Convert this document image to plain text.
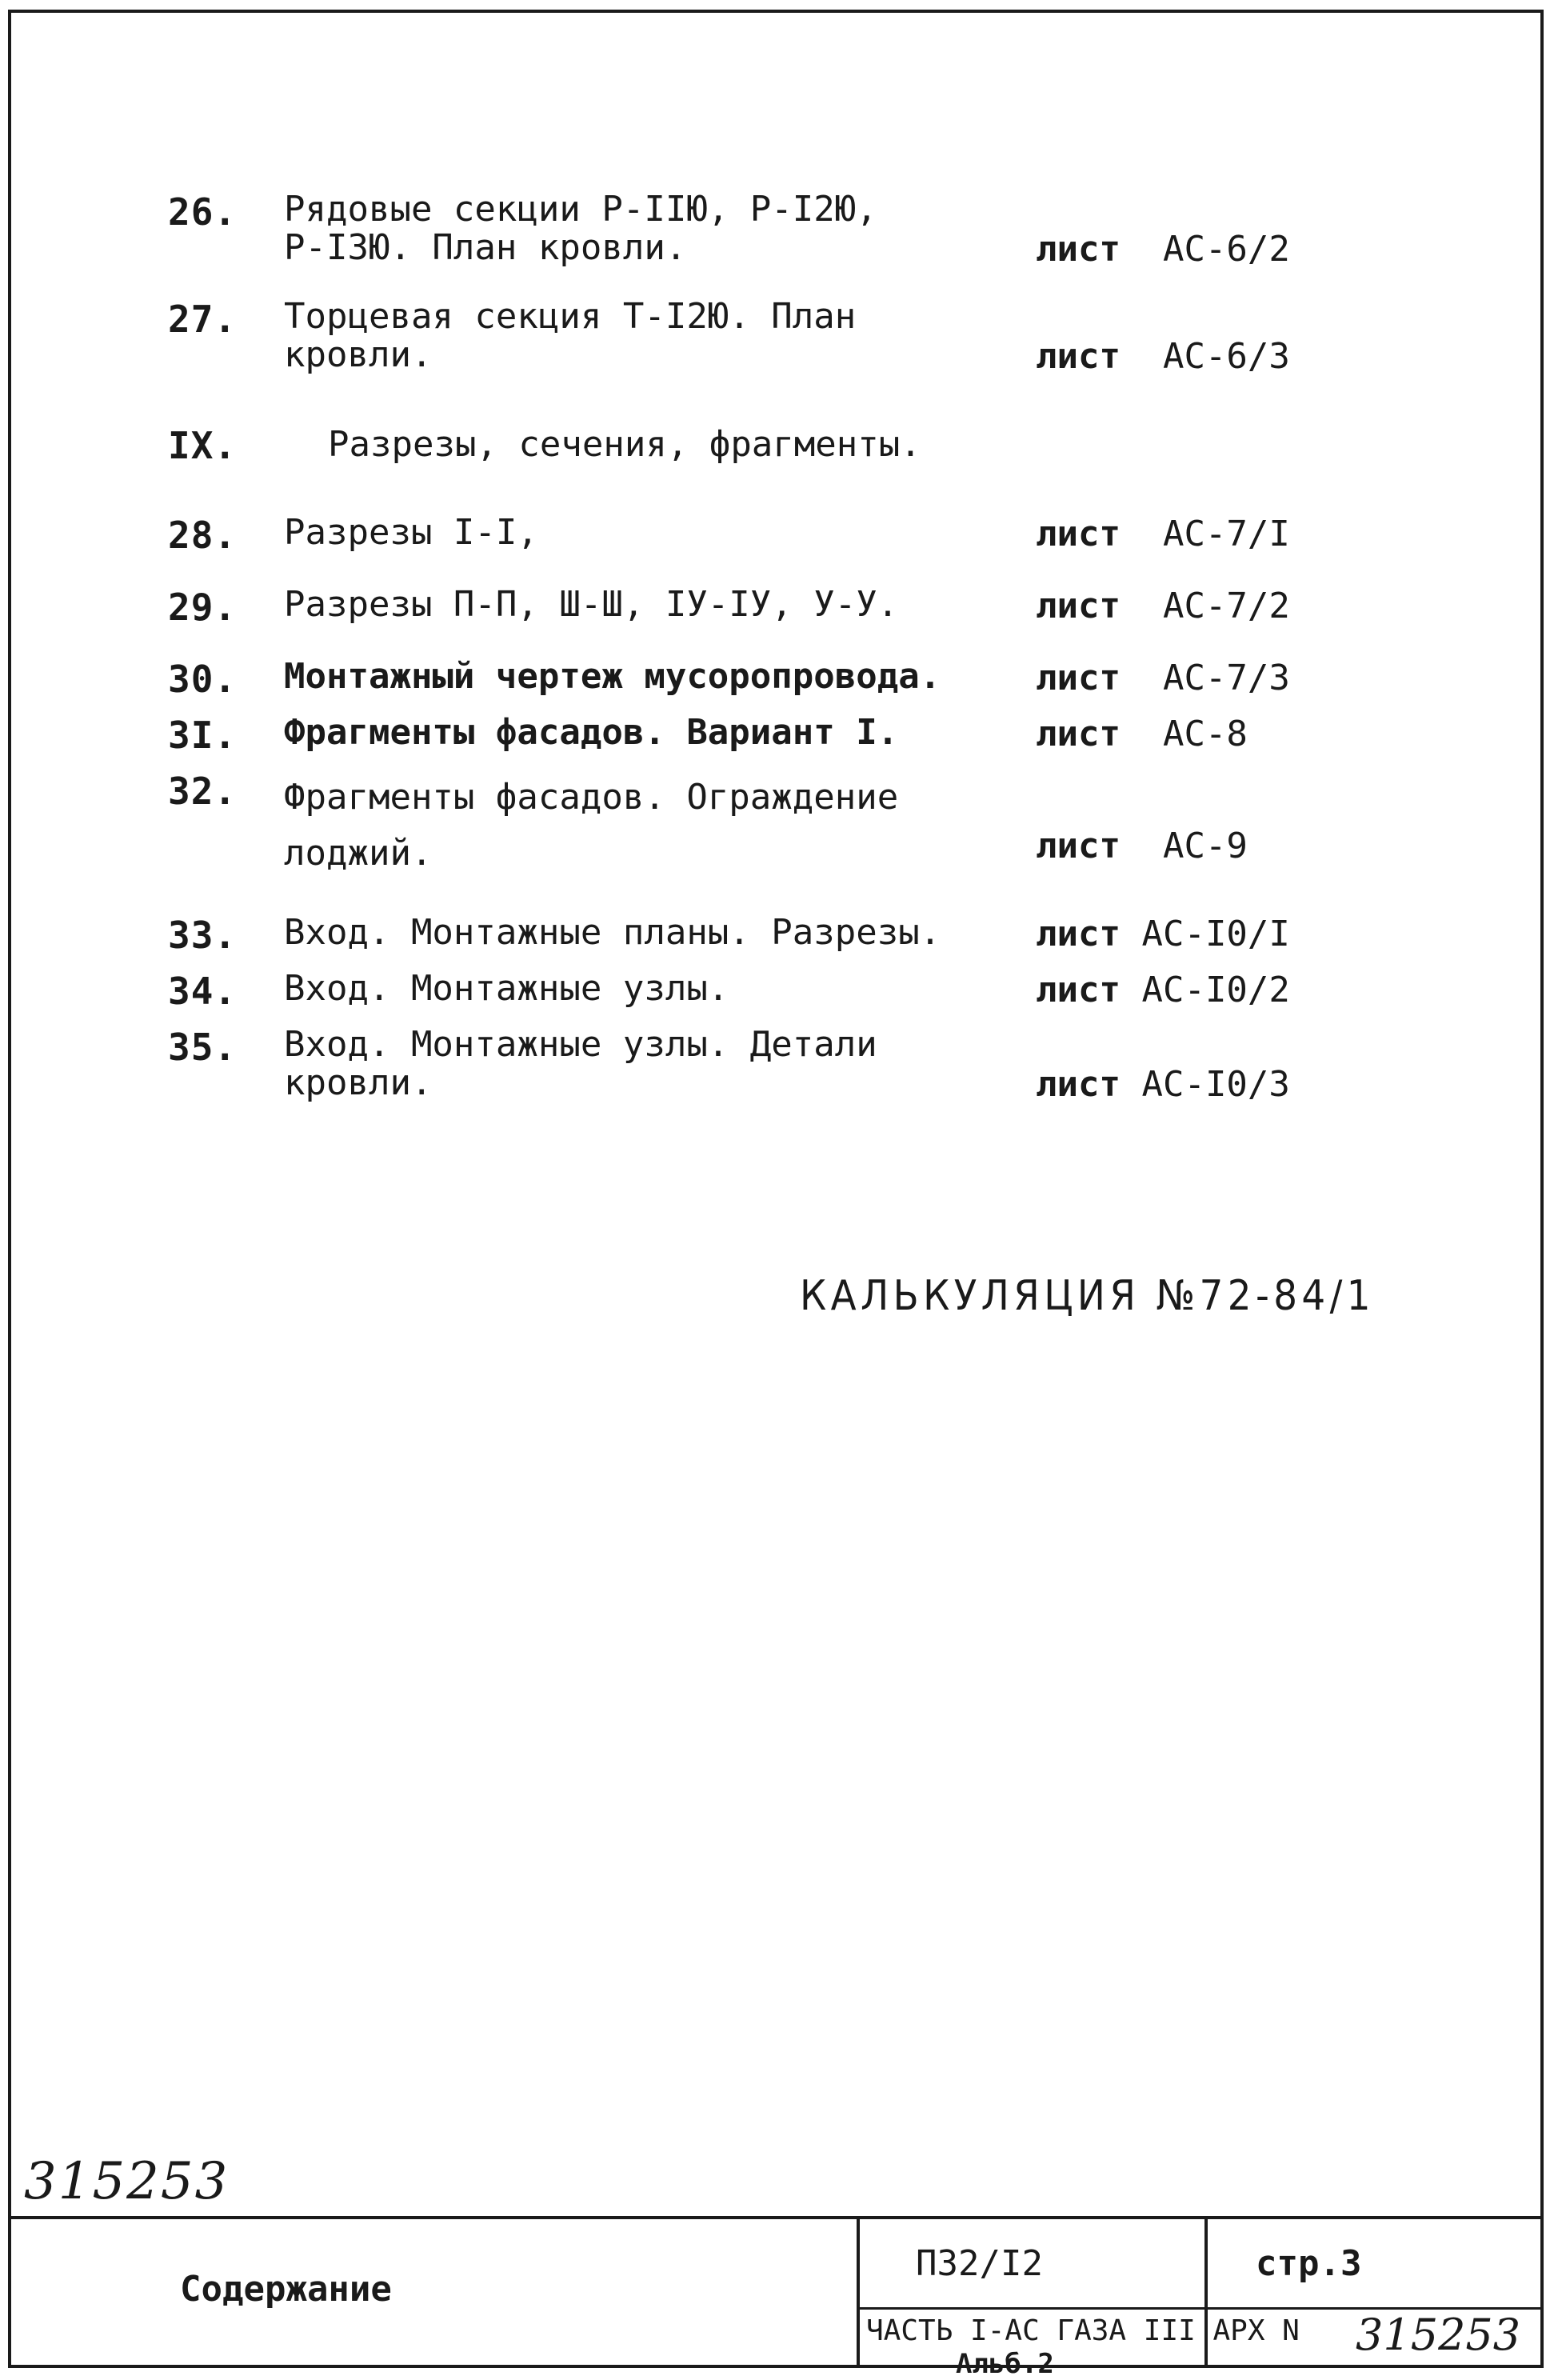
26. Рядовые секции Р-IIЮ, Р-I2Ю,
Р-I3Ю. План кровли.	лист АС-6/2
27. Торцевая секция Т-I2Ю. План
кровли.	лист АС-6/3
IX.	Разрезы, сечения, фрагменты.
28. Разрезы I-I,	лист АС-7/I
29. Разрезы П-П, Ш-Ш, IУ-IУ, У-У.	лист АС-7/2
30. Монтажный чертеж мусоропровода.	лист АС-7/3
3I. Фрагменты фасадов. Вариант I.	лист АС-8
32. Фрагменты фасадов. Ограждение
лоджий.	лист АС-9
33. Вход. Монтажные планы. Разрезы.	лист АС-I0/I
34. Вход. Монтажные узлы.	лист АС-I0/2
35. Вход. Монтажные узлы. Детали
кровли.	лист АС-I0/3
КАЛЬКУЛЯЦИЯ №72-84/1
315253
Содержание
П32/I2	стр.3
ЧАСТЬ I-АС ГАЗА III АРХ N 315253
Альб.2
